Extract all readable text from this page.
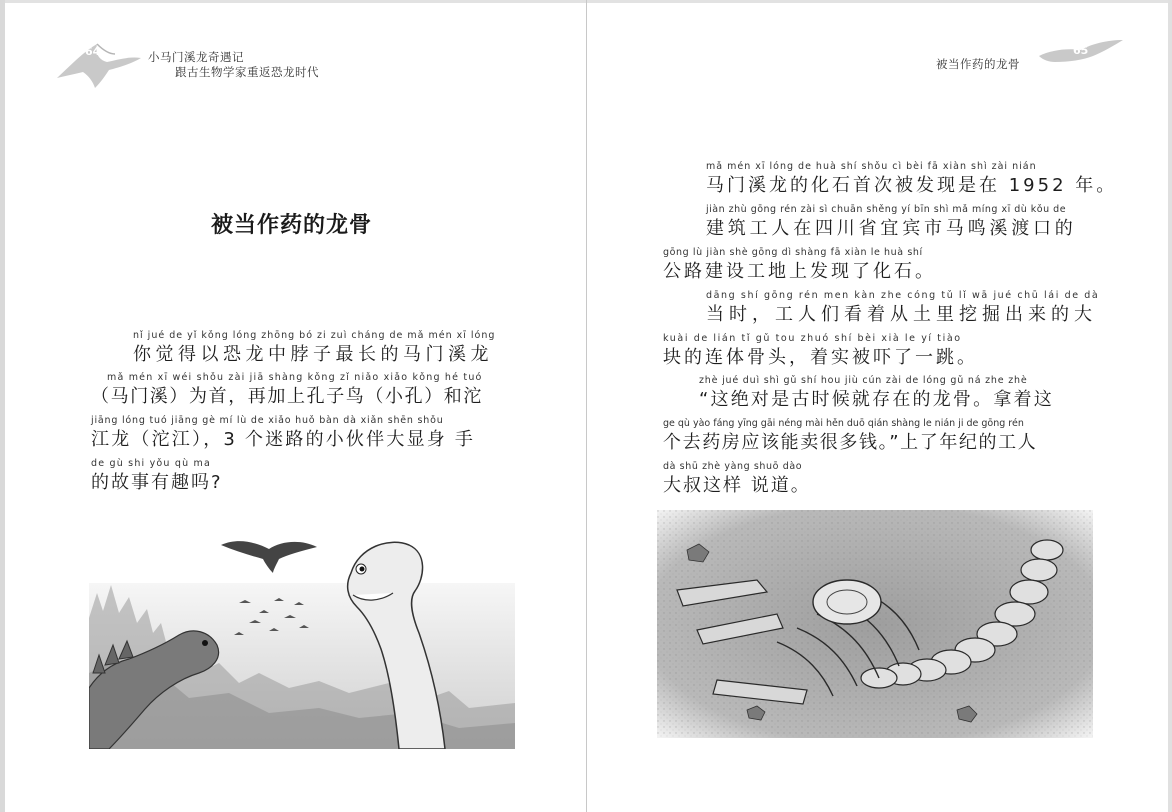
64	小马门溪龙奇遇记
跟古生物学家重返恐龙时代
被当作药的龙骨
nǐ jué de yǐ kǒng lóng zhōng bó zi zuì cháng de mǎ mén xī lóng
你觉得以恐龙中脖子最长的马门溪龙
mǎ mén xī wéi shǒu zài jiā shàng kǒng zǐ niǎo xiǎo kǒng hé tuó
（马门溪）为首，再加上孔子鸟（小孔）和沱
jiāng lóng tuó jiāng gè mí lù de xiǎo huǒ bàn dà xiǎn shēn shǒu
江龙（沱江），3 个迷路的小伙伴大显身 手
de gù shi yǒu qù ma
的故事有趣吗?
被当作药的龙骨
65
mǎ mén xī lóng de huà shí shǒu cì bèi fā xiàn shì zài nián
马门溪龙的化石首次被发现是在 1952 年。
jiàn zhù gōng rén zài sì chuān shěng yí bīn shì mǎ míng xī dù kǒu de
建筑工人在四川省宜宾市马鸣溪渡口的
gōng lù jiàn shè gōng dì shàng fā xiàn le huà shí
公路建设工地上发现了化石。
dāng shí gōng rén men kàn zhe cóng tǔ lǐ wā jué chū lái de dà
当时，工人们看着从土里挖掘出来的大
kuài de lián tǐ gǔ tou zhuó shí bèi xià le yí tiào
块的连体骨头，着实被吓了一跳。
zhè jué duì shì gǔ shí hou jiù cún zài de lóng gǔ ná zhe zhè
“这绝对是古时候就存在的龙骨。拿着这
ge qù yào fáng yīng gāi néng mài hěn duō qián shàng le nián ji de gōng rén
个去药房应该能卖很多钱。”上了年纪的工人
dà shū zhè yàng shuō dào
大叔这样 说道。
